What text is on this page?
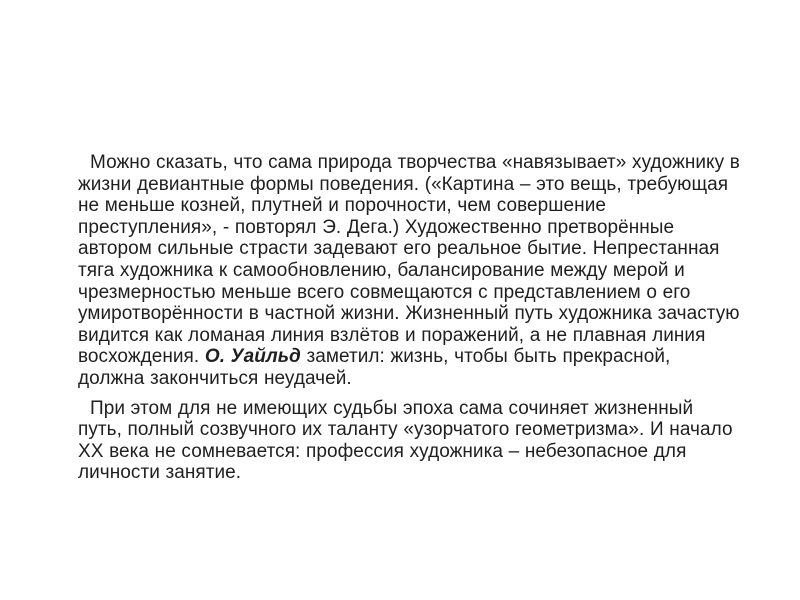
Можно сказать, что сама природа творчества «навязывает» художнику в жизни девиантные формы поведения. («Картина – это вещь, требующая не меньше козней, плутней и порочности, чем совершение преступления», - повторял Э. Дега.) Художественно претворённые автором сильные страсти задевают его реальное бытие. Непрестанная тяга художника к самообновлению, балансирование между мерой и чрезмерностью меньше всего совмещаются с представлением о его умиротворённости в частной жизни. Жизненный путь художника зачастую видится как ломаная линия взлётов и поражений, а не плавная линия восхождения. О. Уайльд заметил: жизнь, чтобы быть прекрасной, должна закончиться неудачей.

При этом для не имеющих судьбы эпоха сама сочиняет жизненный путь, полный созвучного их таланту «узорчатого геометризма». И начало XX века не сомневается: профессия художника – небезопасное для личности занятие.
